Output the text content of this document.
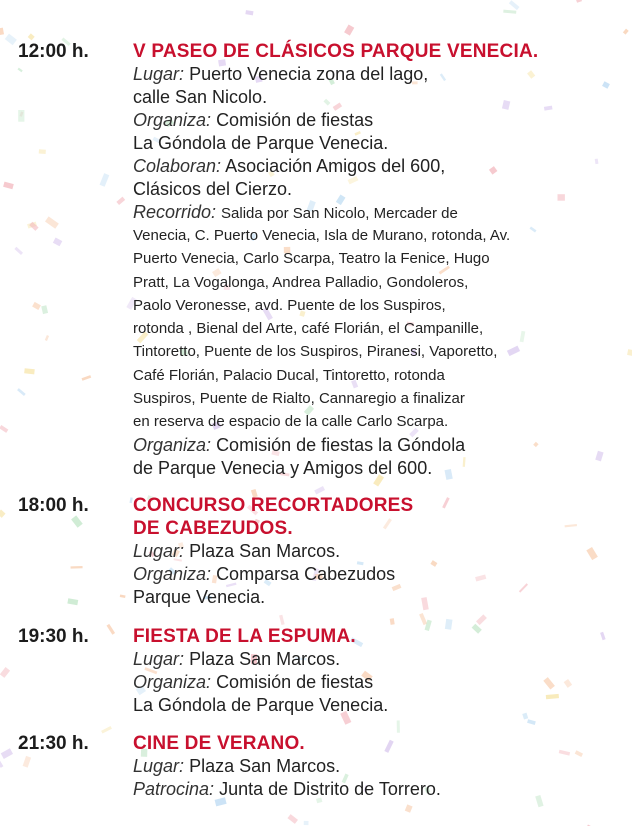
12:00 h. V PASEO DE CLÁSICOS PARQUE VENECIA.
Lugar: Puerto Venecia zona del lago,
calle San Nicolo.
Organiza: Comisión de fiestas
La Góndola de Parque Venecia.
Colaboran: Asociación Amigos del 600,
Clásicos del Cierzo.
Recorrido: Salida por San Nicolo, Mercader de
Venecia, C. Puerto Venecia, Isla de Murano, rotonda, Av.
Puerto Venecia, Carlo Scarpa, Teatro la Fenice, Hugo
Pratt, La Vogalonga, Andrea Palladio, Gondoleros,
Paolo Veronesse, avd. Puente de los Suspiros,
rotonda , Bienal del Arte, café Florián, el Campanille,
Tintoretto, Puente de los Suspiros, Piranesi, Vaporetto,
Café Florián, Palacio Ducal, Tintoretto, rotonda
Suspiros, Puente de Rialto, Cannaregio a finalizar
en reserva de espacio de la calle Carlo Scarpa.
Organiza: Comisión de fiestas la Góndola
de Parque Venecia y Amigos del 600.
18:00 h. CONCURSO RECORTADORES
DE CABEZUDOS.
Lugar: Plaza San Marcos.
Organiza: Comparsa Cabezudos
Parque Venecia.
19:30 h. FIESTA DE LA ESPUMA.
Lugar: Plaza San Marcos.
Organiza: Comisión de fiestas
La Góndola de Parque Venecia.
21:30 h. CINE DE VERANO.
Lugar: Plaza San Marcos.
Patrocina: Junta de Distrito de Torrero.
